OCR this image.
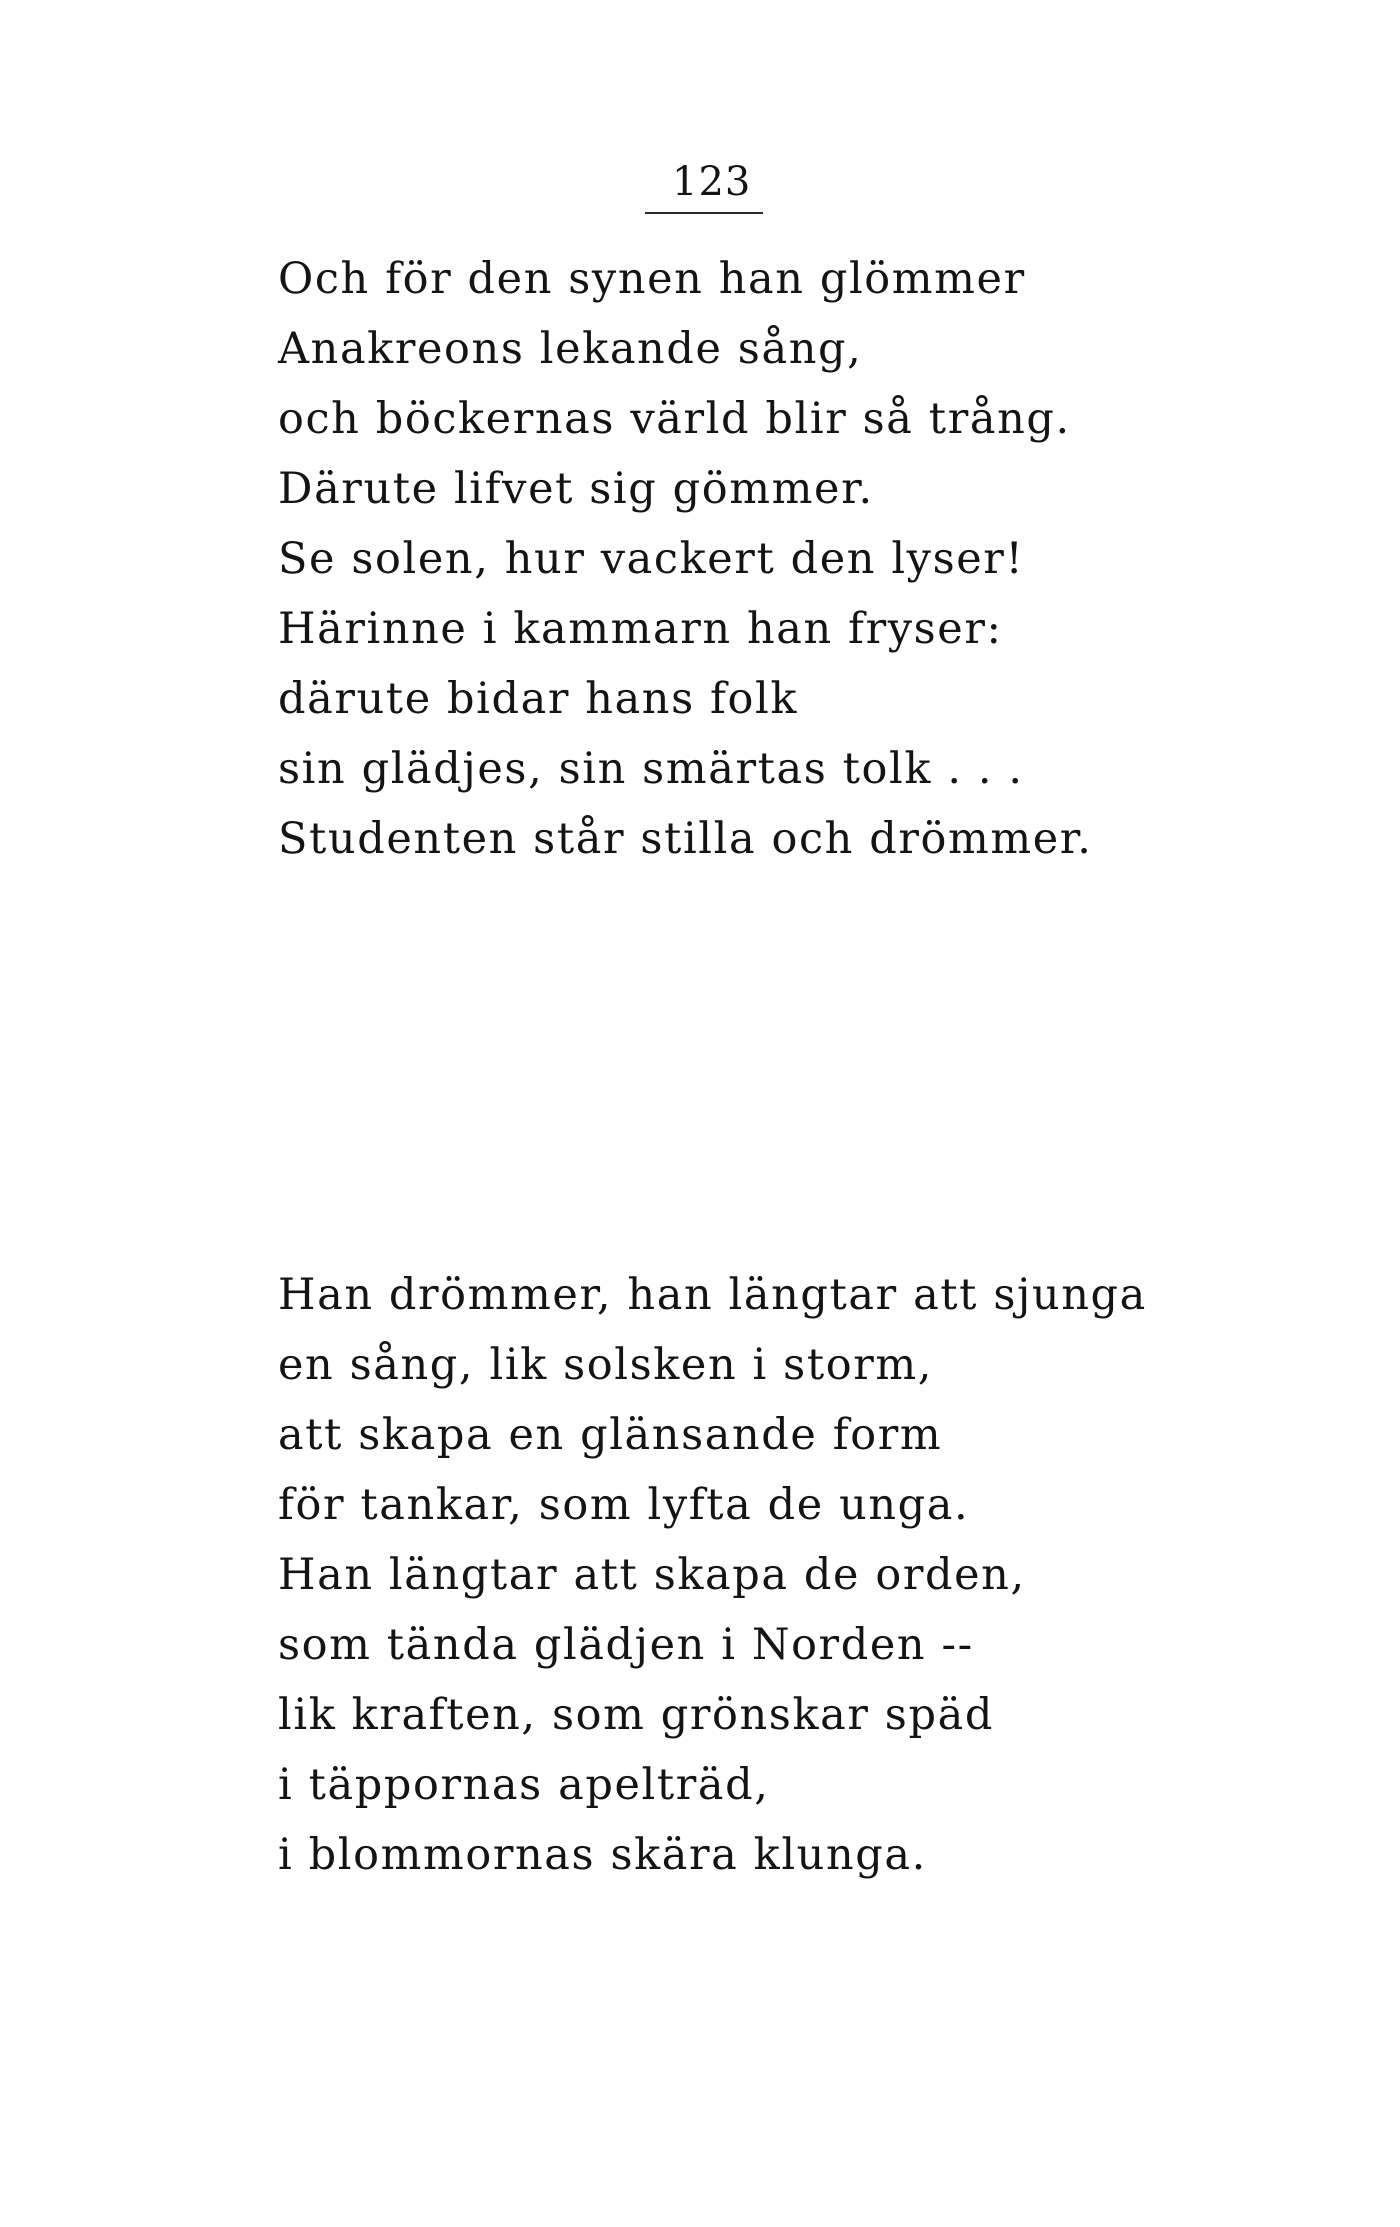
123
Och för den synen han glömmer
Anakreons lekande sång,
och böckernas värld blir så trång.
Därute lifvet sig gömmer.
Se solen, hur vackert den lyser!
Härinne i kammarn han fryser:
därute bidar hans folk
sin glädjes, sin smärtas tolk . . .
Studenten står stilla och drömmer.
Han drömmer, han längtar att sjunga
en sång, lik solsken i storm,
att skapa en glänsande form
för tankar, som lyfta de unga.
Han längtar att skapa de orden,
som tända glädjen i Norden --
lik kraften, som grönskar späd
i täppornas apelträd,
i blommornas skära klunga.
